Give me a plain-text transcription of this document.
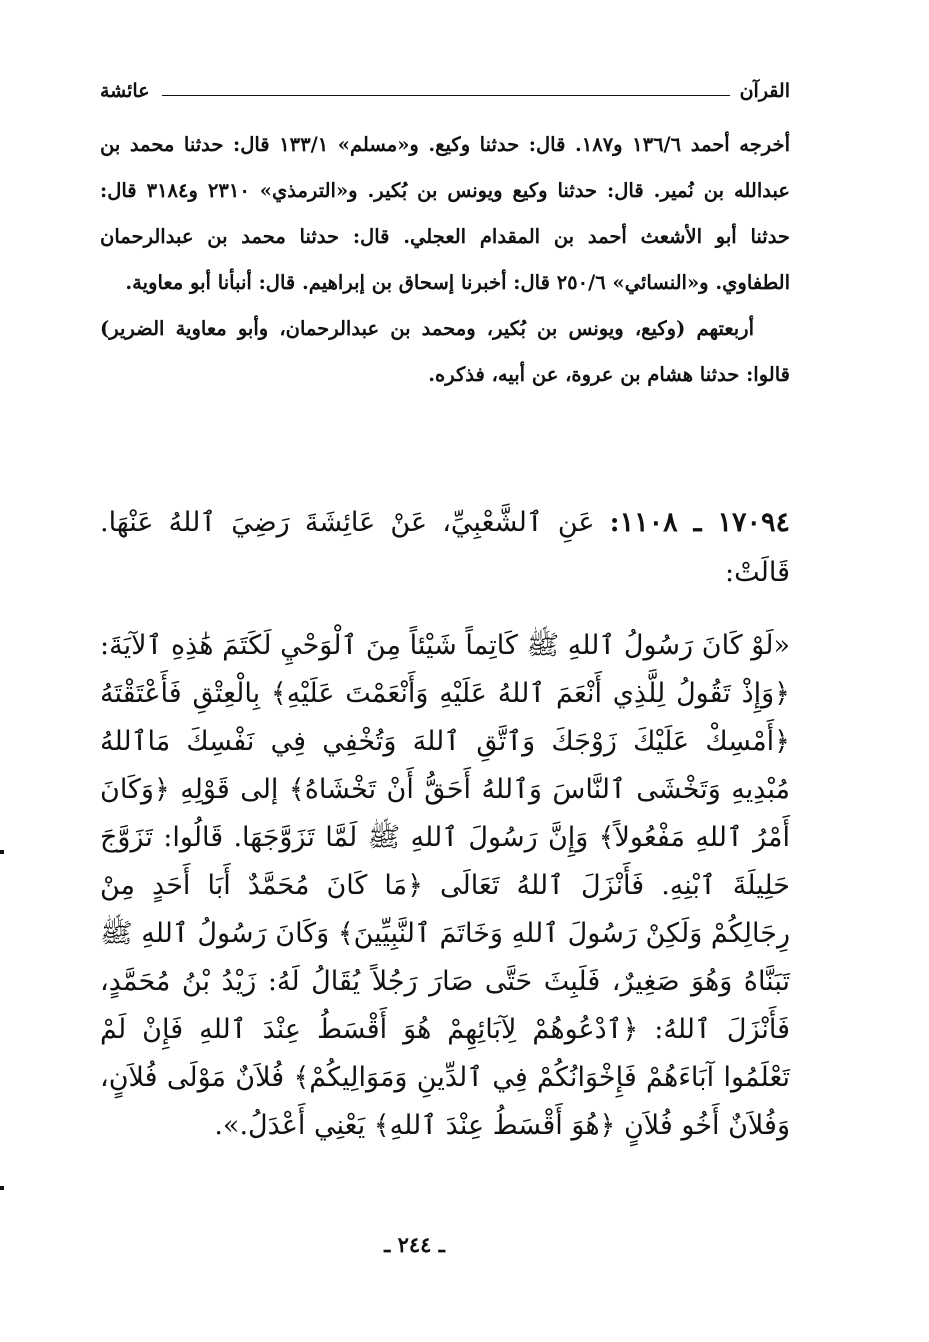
القرآن
عائشة

أخرجه أحمد ١٣٦/٦ و١٨٧. قال: حدثنا وكيع. و«مسلم» ١٣٣/١ قال: حدثنا محمد بن عبدالله بن نُمير. قال: حدثنا وكيع ويونس بن بُكير. و«الترمذي» ٢٣١٠ و٣١٨٤ قال: حدثنا أبو الأشعث أحمد بن المقدام العجلي. قال: حدثنا محمد بن عبدالرحمان الطفاوي. و«النسائي» ٢٥٠/٦ قال: أخبرنا إسحاق بن إبراهيم. قال: أنبأنا أبو معاوية.

أربعتهم (وكيع، ويونس بن بُكير، ومحمد بن عبدالرحمان، وأبو معاوية الضرير) قالوا: حدثنا هشام بن عروة، عن أبيه، فذكره.

١٧٠٩٤ ـ ١١٠٨: عَنِ ٱلشَّعْبِيِّ، عَنْ عَائِشَةَ رَضِيَ ٱللهُ عَنْهَا. قَالَتْ:

«لَوْ كَانَ رَسُولُ ٱللهِ ﷺ كَاتِماً شَيْئاً مِنَ ٱلْوَحْيِ لَكَتَمَ هَٰذِهِ ٱلآيَةَ: ﴿وَإِذْ تَقُولُ لِلَّذِي أَنْعَمَ ٱللهُ عَلَيْهِ وَأَنْعَمْتَ عَلَيْهِ﴾ بِالْعِتْقِ فَأَعْتَقْتَهُ ﴿أَمْسِكْ عَلَيْكَ زَوْجَكَ وَٱتَّقِ ٱللهَ وَتُخْفِي فِي نَفْسِكَ مَاٱللهُ مُبْدِيهِ وَتَخْشَى ٱلنَّاسَ وَٱللهُ أَحَقُّ أَنْ تَخْشَاهُ﴾ إلى قَوْلِهِ ﴿وَكَانَ أَمْرُ ٱللهِ مَفْعُولاً﴾ وَإِنَّ رَسُولَ ٱللهِ ﷺ لَمَّا تَزَوَّجَهَا. قَالُوا: تَزَوَّجَ حَلِيلَةَ ٱبْنِهِ. فَأَنْزَلَ ٱللهُ تَعَالَى ﴿مَا كَانَ مُحَمَّدٌ أَبَا أَحَدٍ مِنْ رِجَالِكُمْ وَلَكِنْ رَسُولَ ٱللهِ وَخَاتَمَ ٱلنَّبِيِّينَ﴾ وَكَانَ رَسُولُ ٱللهِ ﷺ تَبَنَّاهُ وَهُوَ صَغِيرٌ، فَلَبِثَ حَتَّى صَارَ رَجُلاً يُقَالُ لَهُ: زَيْدُ بْنُ مُحَمَّدٍ، فَأَنْزَلَ ٱللهُ: ﴿ٱدْعُوهُمْ لِآبَائِهِمْ هُوَ أَقْسَطُ عِنْدَ ٱللهِ فَإِنْ لَمْ تَعْلَمُوا آبَاءَهُمْ فَإِخْوَانُكُمْ فِي ٱلدِّينِ وَمَوَالِيكُمْ﴾ فُلاَنٌ مَوْلَى فُلاَنٍ، وَفُلاَنٌ أَخُو فُلاَنٍ ﴿هُوَ أَقْسَطُ عِنْدَ ٱللهِ﴾ يَعْنِي أَعْدَلُ.».

ـ ٢٤٤ ـ
